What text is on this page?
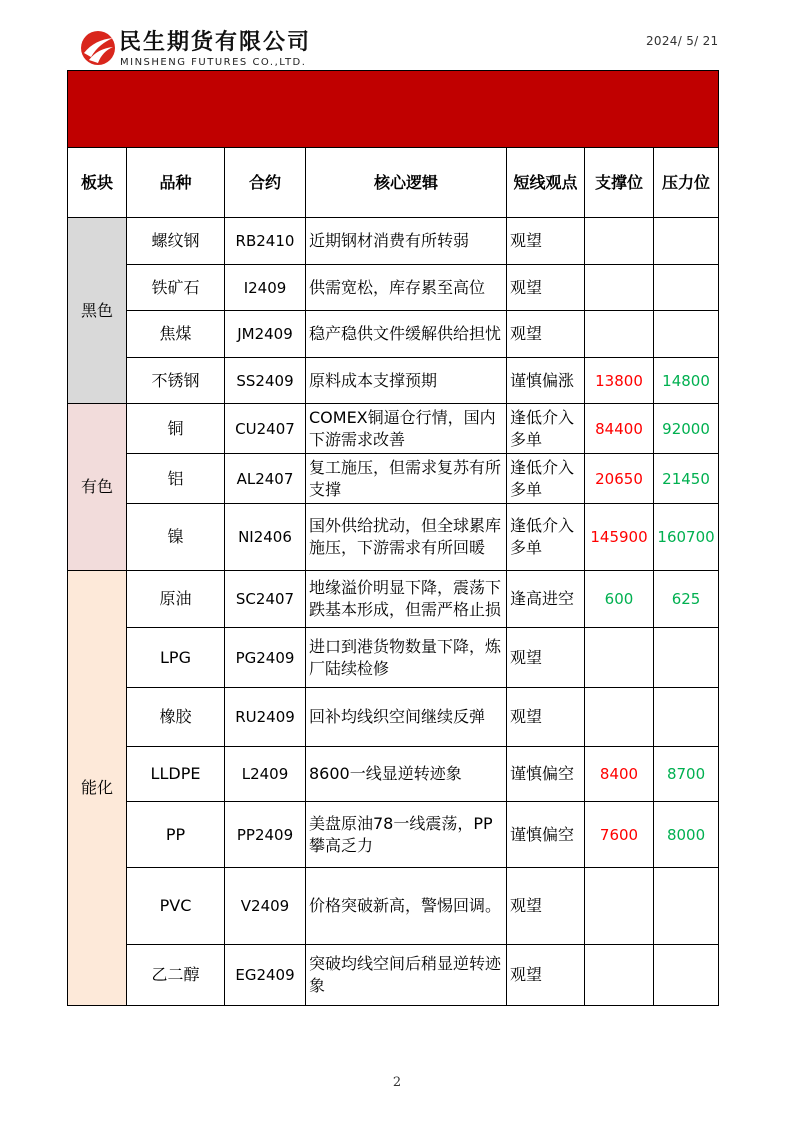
民生期货有限公司
MINSHENG FUTURES CO.,LTD.
2024/ 5/ 21

板块	品种	合约	核心逻辑	短线观点	支撑位	压力位
黑色	螺纹钢	RB2410	近期钢材消费有所转弱	观望		
	铁矿石	I2409	供需宽松，库存累至高位	观望		
	焦煤	JM2409	稳产稳供文件缓解供给担忧	观望		
	不锈钢	SS2409	原料成本支撑预期	谨慎偏涨	13800	14800
有色	铜	CU2407	COMEX铜逼仓行情，国内下游需求改善	逢低介入多单	84400	92000
	铝	AL2407	复工施压，但需求复苏有所支撑	逢低介入多单	20650	21450
	镍	NI2406	国外供给扰动，但全球累库施压，下游需求有所回暖	逢低介入多单	145900	160700
能化	原油	SC2407	地缘溢价明显下降，震荡下跌基本形成，但需严格止损	逢高进空	600	625
	LPG	PG2409	进口到港货物数量下降，炼厂陆续检修	观望		
	橡胶	RU2409	回补均线织空间继续反弹	观望		
	LLDPE	L2409	8600一线显逆转迹象	谨慎偏空	8400	8700
	PP	PP2409	美盘原油78一线震荡，PP攀高乏力	谨慎偏空	7600	8000
	PVC	V2409	价格突破新高，警惕回调。	观望		
	乙二醇	EG2409	突破均线空间后稍显逆转迹象	观望		
2
